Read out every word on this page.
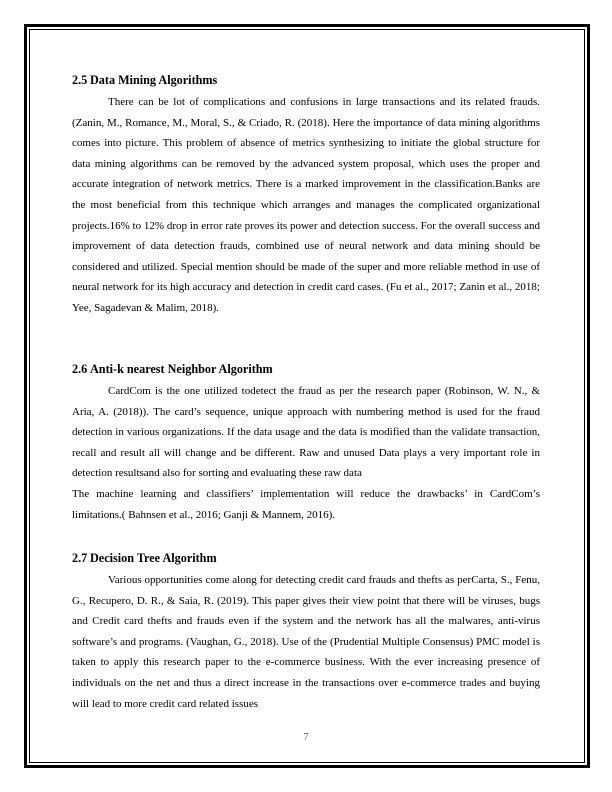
2.5 Data Mining Algorithms

There can be lot of complications and confusions in large transactions and its related frauds.(Zanin, M., Romance, M., Moral, S., & Criado, R. (2018). Here the importance of data mining algorithms comes into picture. This problem of absence of metrics synthesizing to initiate the global structure for data mining algorithms can be removed by the advanced system proposal, which uses the proper and accurate integration of network metrics. There is a marked improvement in the classification.Banks are the most beneficial from this technique which arranges and manages the complicated organizational projects.16% to 12% drop in error rate proves its power and detection success. For the overall success and improvement of data detection frauds, combined use of neural network and data mining should be considered and utilized. Special mention should be made of the super and more reliable method in use of neural network for its high accuracy and detection in credit card cases. (Fu et al., 2017; Zanin et al., 2018; Yee, Sagadevan & Malim, 2018).

2.6 Anti-k nearest Neighbor Algorithm

CardCom is the one utilized todetect the fraud as per the research paper (Robinson, W. N., & Aria, A. (2018)). The card’s sequence, unique approach with numbering method is used for the fraud detection in various organizations. If the data usage and the data is modified than the validate transaction, recall and result all will change and be different. Raw and unused Data plays a very important role in detection resultsand also for sorting and evaluating these raw data

The machine learning and classifiers’ implementation will reduce the drawbacks’ in CardCom’s limitations.( Bahnsen et al., 2016; Ganji & Mannem, 2016).

2.7 Decision Tree Algorithm

Various opportunities come along for detecting credit card frauds and thefts as perCarta, S., Fenu, G., Recupero, D. R., & Saia, R. (2019). This paper gives their view point that there will be viruses, bugs and Credit card thefts and frauds even if the system and the network has all the malwares, anti-virus software’s and programs. (Vaughan, G., 2018). Use of the (Prudential Multiple Consensus) PMC model is taken to apply this research paper to the e-commerce business. With the ever increasing presence of individuals on the net and thus a direct increase in the transactions over e-commerce trades and buying will lead to more credit card related issues

7
